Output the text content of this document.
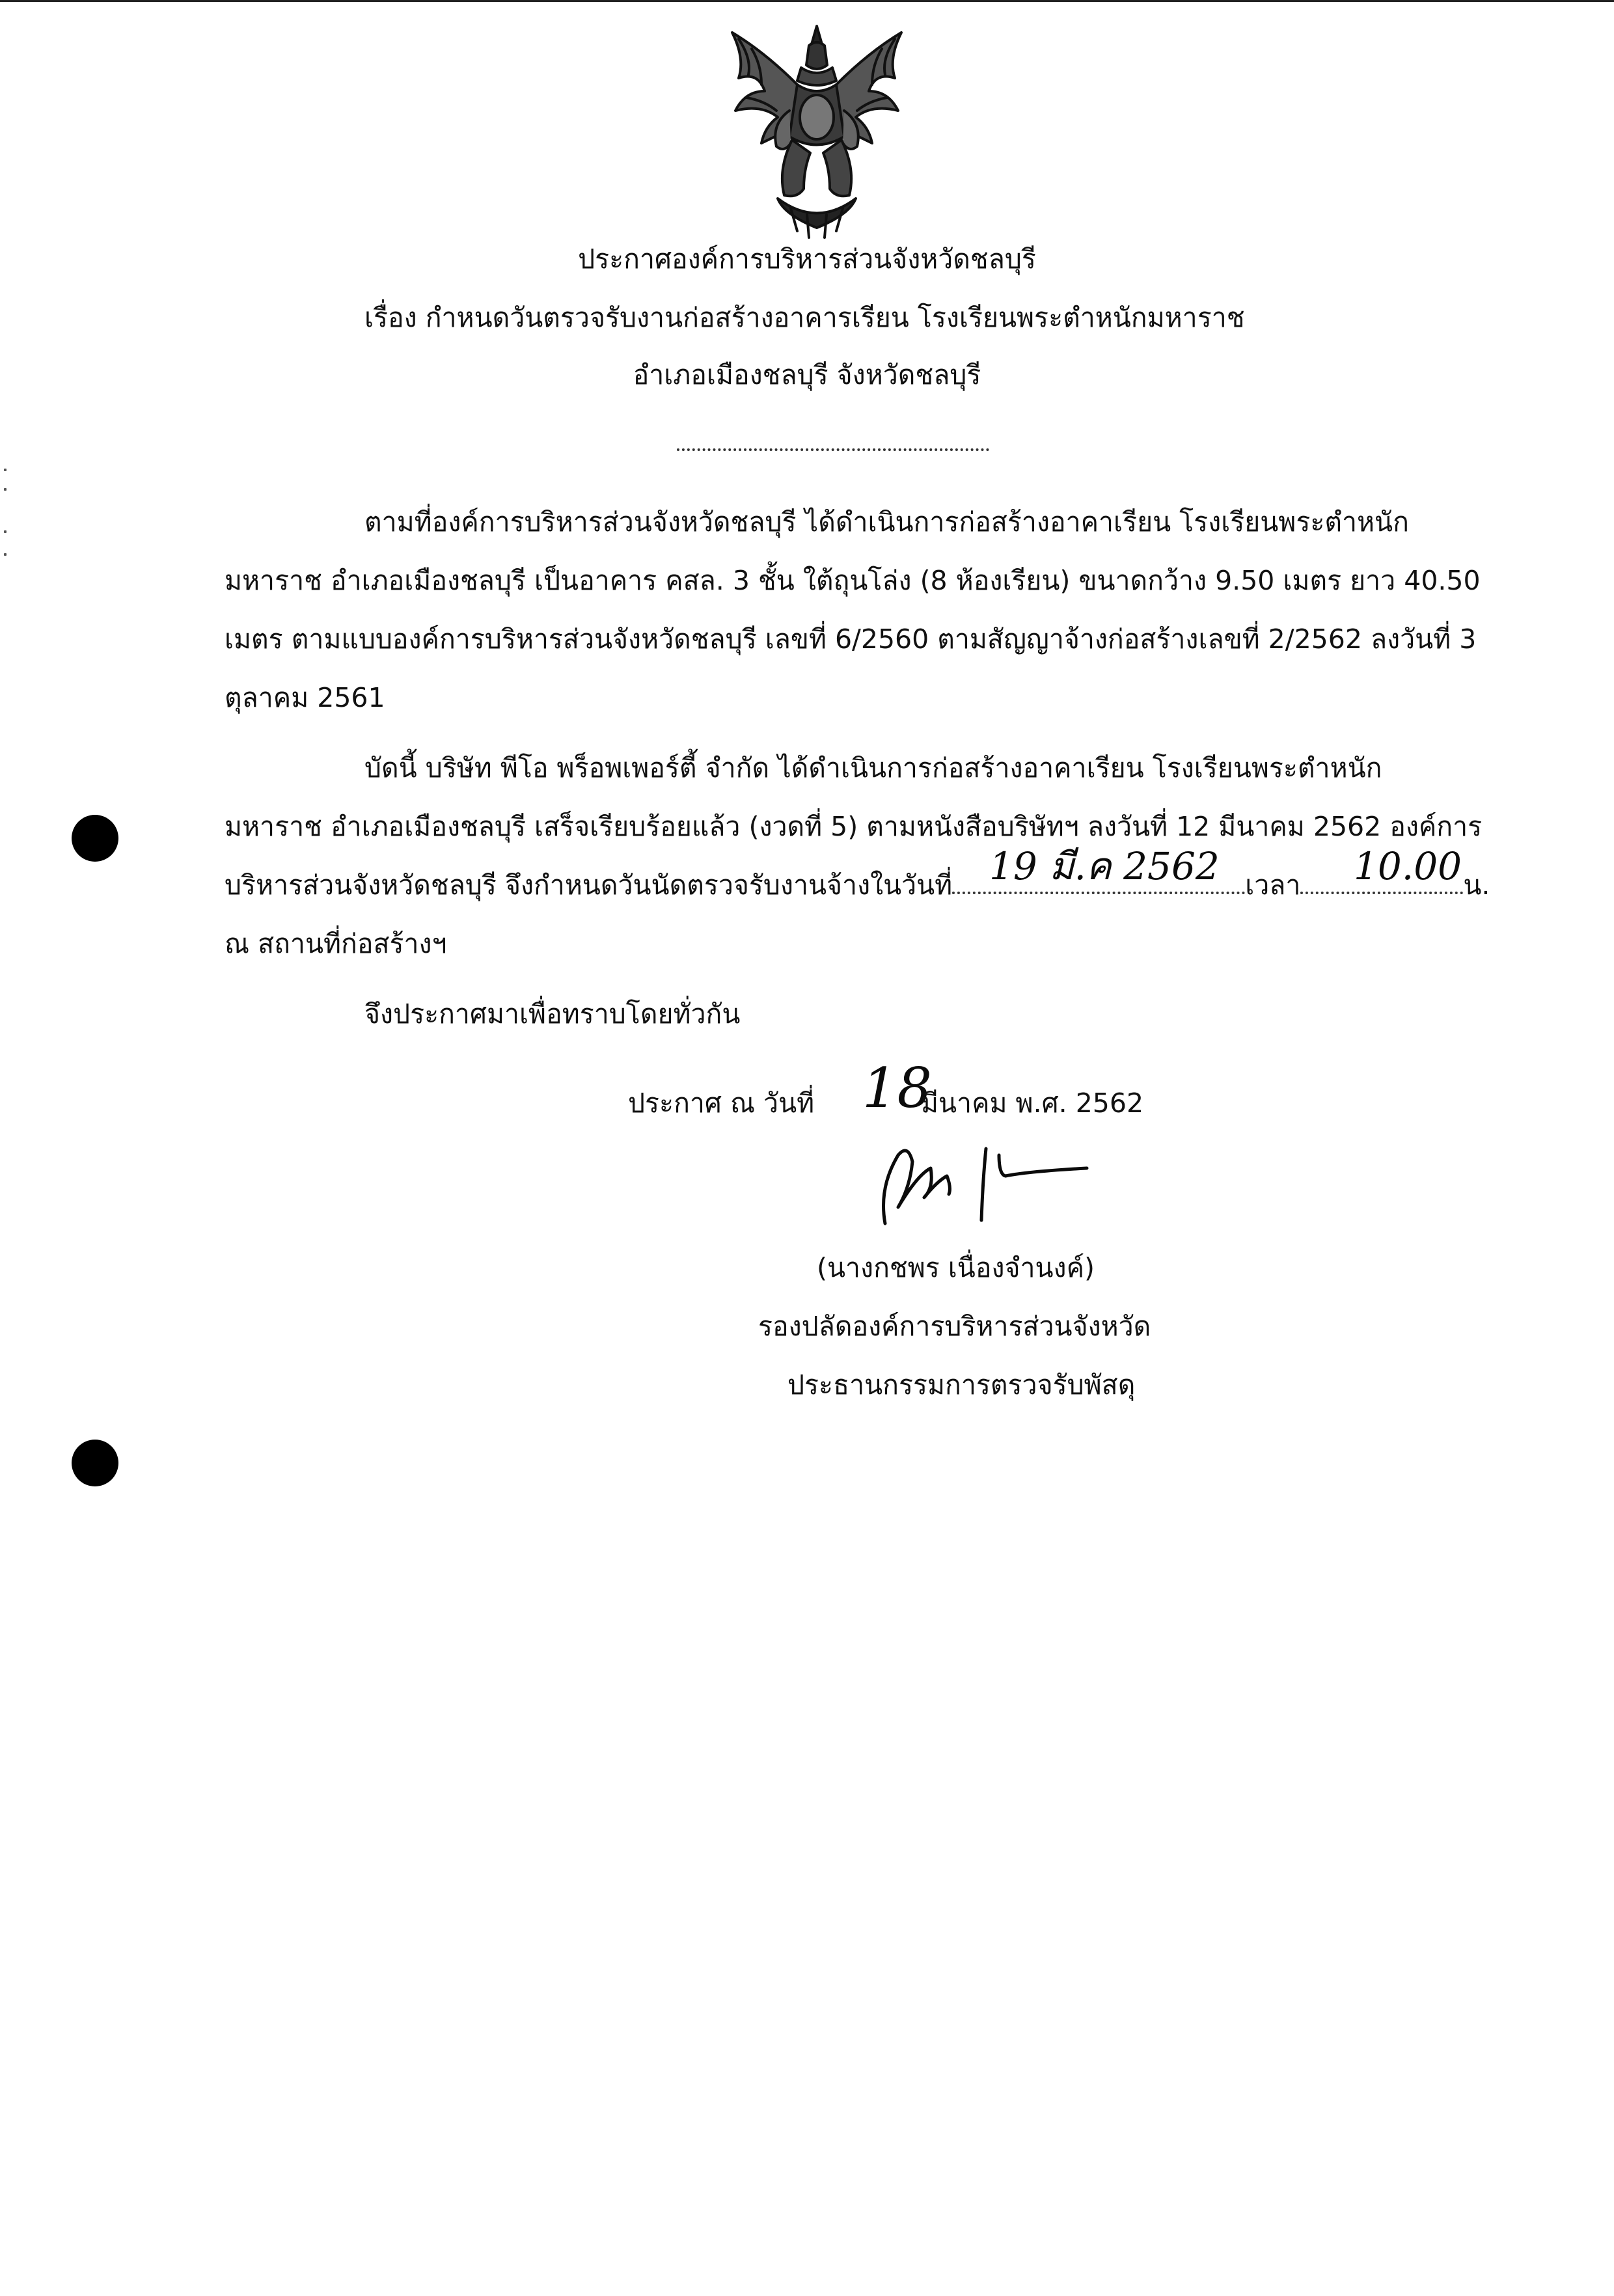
ประกาศองค์การบริหารส่วนจังหวัดชลบุรี
เรื่อง กำหนดวันตรวจรับงานก่อสร้างอาคารเรียน โรงเรียนพระตำหนักมหาราช
อำเภอเมืองชลบุรี จังหวัดชลบุรี
ตามที่องค์การบริหารส่วนจังหวัดชลบุรี ได้ดำเนินการก่อสร้างอาคาเรียน โรงเรียนพระตำหนัก
มหาราช อำเภอเมืองชลบุรี เป็นอาคาร คสล. 3 ชั้น ใต้ถุนโล่ง (8 ห้องเรียน) ขนาดกว้าง 9.50 เมตร ยาว 40.50
เมตร ตามแบบองค์การบริหารส่วนจังหวัดชลบุรี เลขที่ 6/2560 ตามสัญญาจ้างก่อสร้างเลขที่ 2/2562 ลงวันที่ 3
ตุลาคม 2561
บัดนี้ บริษัท พีโอ พร็อพเพอร์ตี้ จำกัด ได้ดำเนินการก่อสร้างอาคาเรียน โรงเรียนพระตำหนัก
มหาราช อำเภอเมืองชลบุรี เสร็จเรียบร้อยแล้ว (งวดที่ 5) ตามหนังสือบริษัทฯ ลงวันที่ 12 มีนาคม 2562 องค์การ
บริหารส่วนจังหวัดชลบุรี จึงกำหนดวันนัดตรวจรับงานจ้างในวันที่	เวลา	น.
19 มี.ค 2562	10.00
ณ สถานที่ก่อสร้างฯ
จึงประกาศมาเพื่อทราบโดยทั่วกัน
ประกาศ ณ วันที่ 18
มีนาคม พ.ศ. 2562
(นางกชพร เนื่องจำนงค์)
รองปลัดองค์การบริหารส่วนจังหวัด
ประธานกรรมการตรวจรับพัสดุ
